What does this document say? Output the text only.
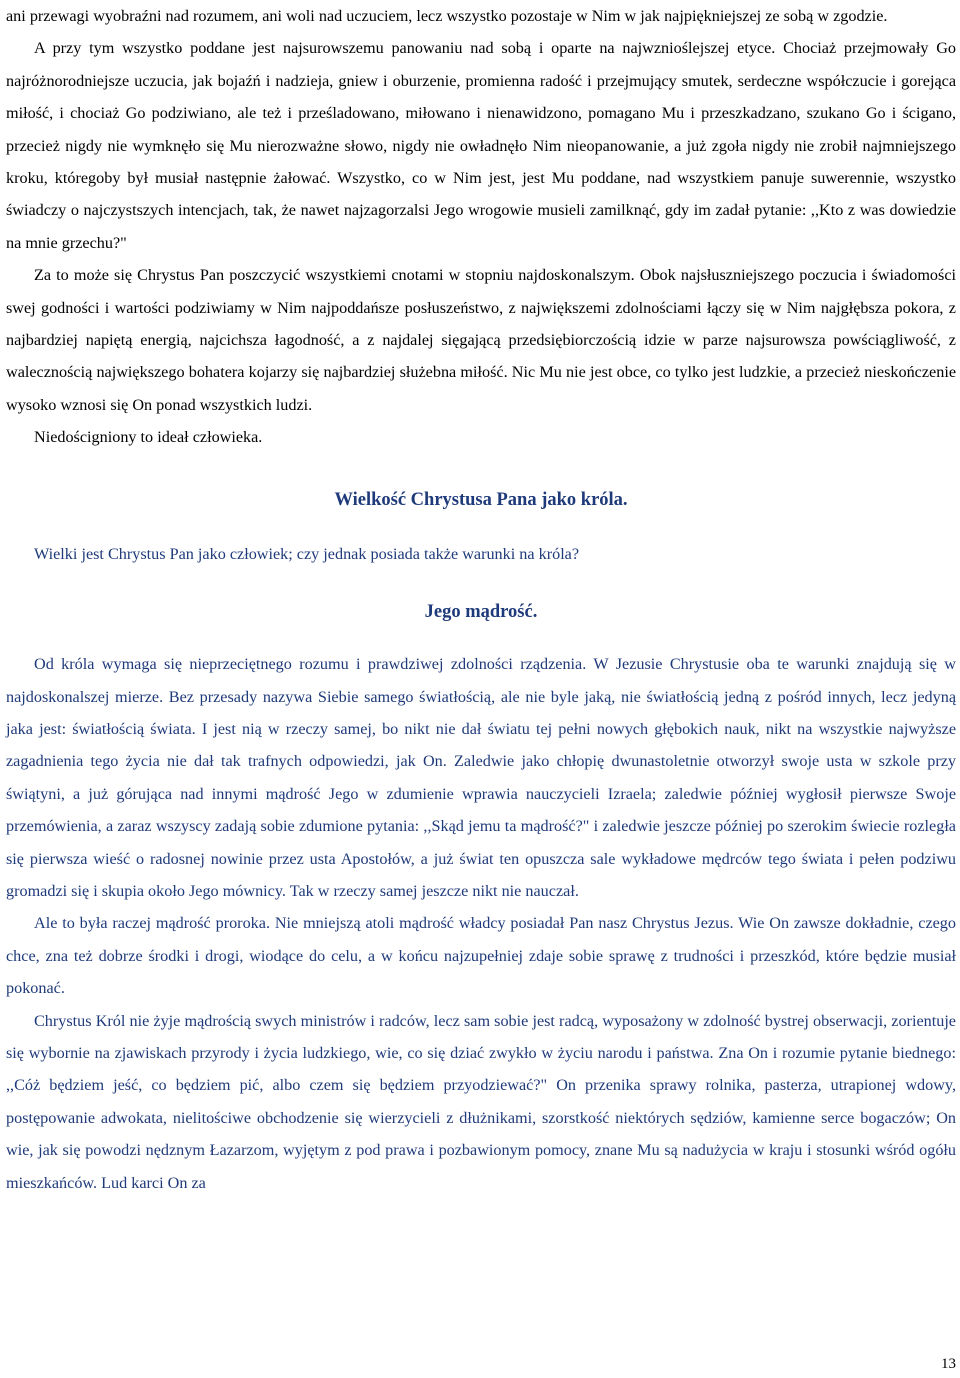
ani przewagi wyobraźni nad rozumem, ani woli nad uczuciem, lecz wszystko pozostaje w Nim w jak najpiękniejszej ze sobą w zgodzie.

A przy tym wszystko poddane jest najsurowszemu panowaniu nad sobą i oparte na najwznioślejszej etyce. Chociaż przejmowały Go najróżnorodniejsze uczucia, jak bojaźń i nadzieja, gniew i oburzenie, promienna radość i przejmujący smutek, serdeczne współczucie i gorejąca miłość, i chociaż Go podziwiano, ale też i prześladowano, miłowano i nienawidzono, pomagano Mu i przeszkadzano, szukano Go i ścigano, przecież nigdy nie wymknęło się Mu nierozważne słowo, nigdy nie owładnęło Nim nieopanowanie, a już zgoła nigdy nie zrobił najmniejszego kroku, któregoby był musiał następnie żałować. Wszystko, co w Nim jest, jest Mu poddane, nad wszystkiem panuje suwerennie, wszystko świadczy o najczystszych intencjach, tak, że nawet najzagorzalsi Jego wrogowie musieli zamilknąć, gdy im zadał pytanie: ,,Kto z was dowiedzie na mnie grzechu?"

Za to może się Chrystus Pan poszczycić wszystkiemi cnotami w stopniu najdoskonalszym. Obok najsłuszniejszego poczucia i świadomości swej godności i wartości podziwiamy w Nim najpoddańsze posłuszeństwo, z największemi zdolnościami łączy się w Nim najgłębsza pokora, z najbardziej napiętą energią, najcichsza łagodność, a z najdalej sięgającą przedsiębiorczością idzie w parze najsurowsza powściągliwość, z walecznością największego bohatera kojarzy się najbardziej służebna miłość. Nic Mu nie jest obce, co tylko jest ludzkie, a przecież nieskończenie wysoko wznosi się On ponad wszystkich ludzi.

Niedościgniony to ideał człowieka.

Wielkość Chrystusa Pana jako króla.

Wielki jest Chrystus Pan jako człowiek; czy jednak posiada także warunki na króla?

Jego mądrość.

Od króla wymaga się nieprzeciętnego rozumu i prawdziwej zdolności rządzenia. W Jezusie Chrystusie oba te warunki znajdują się w najdoskonalszej mierze. Bez przesady nazywa Siebie samego światłością, ale nie byle jaką, nie światłością jedną z pośród innych, lecz jedyną jaka jest: światłością świata. I jest nią w rzeczy samej, bo nikt nie dał światu tej pełni nowych głębokich nauk, nikt na wszystkie najwyższe zagadnienia tego życia nie dał tak trafnych odpowiedzi, jak On. Zaledwie jako chłopię dwunastoletnie otworzył swoje usta w szkole przy świątyni, a już górująca nad innymi mądrość Jego w zdumienie wprawia nauczycieli Izraela; zaledwie później wygłosił pierwsze Swoje przemówienia, a zaraz wszyscy zadają sobie zdumione pytania: ,,Skąd jemu ta mądrość?" i zaledwie jeszcze później po szerokim świecie rozległa się pierwsza wieść o radosnej nowinie przez usta Apostołów, a już świat ten opuszcza sale wykładowe mędrców tego świata i pełen podziwu gromadzi się i skupia około Jego mównicy. Tak w rzeczy samej jeszcze nikt nie nauczał.

Ale to była raczej mądrość proroka. Nie mniejszą atoli mądrość władcy posiadał Pan nasz Chrystus Jezus. Wie On zawsze dokładnie, czego chce, zna też dobrze środki i drogi, wiodące do celu, a w końcu najzupełniej zdaje sobie sprawę z trudności i przeszkód, które będzie musiał pokonać.

Chrystus Król nie żyje mądrością swych ministrów i radców, lecz sam sobie jest radcą, wyposażony w zdolność bystrej obserwacji, zorientuje się wybornie na zjawiskach przyrody i życia ludzkiego, wie, co się dziać zwykło w życiu narodu i państwa. Zna On i rozumie pytanie biednego: ,,Cóż będziem jeść, co będziem pić, albo czem się będziem przyodziewać?" On przenika sprawy rolnika, pasterza, utrapionej wdowy, postępowanie adwokata, nielitościwe obchodzenie się wierzycieli z dłużnikami, szorstkość niektórych sędziów, kamienne serce bogaczów; On wie, jak się powodzi nędznym Łazarzom, wyjętym z pod prawa i pozbawionym pomocy, znane Mu są nadużycia w kraju i stosunki wśród ogółu mieszkańców. Lud karci On za

13
